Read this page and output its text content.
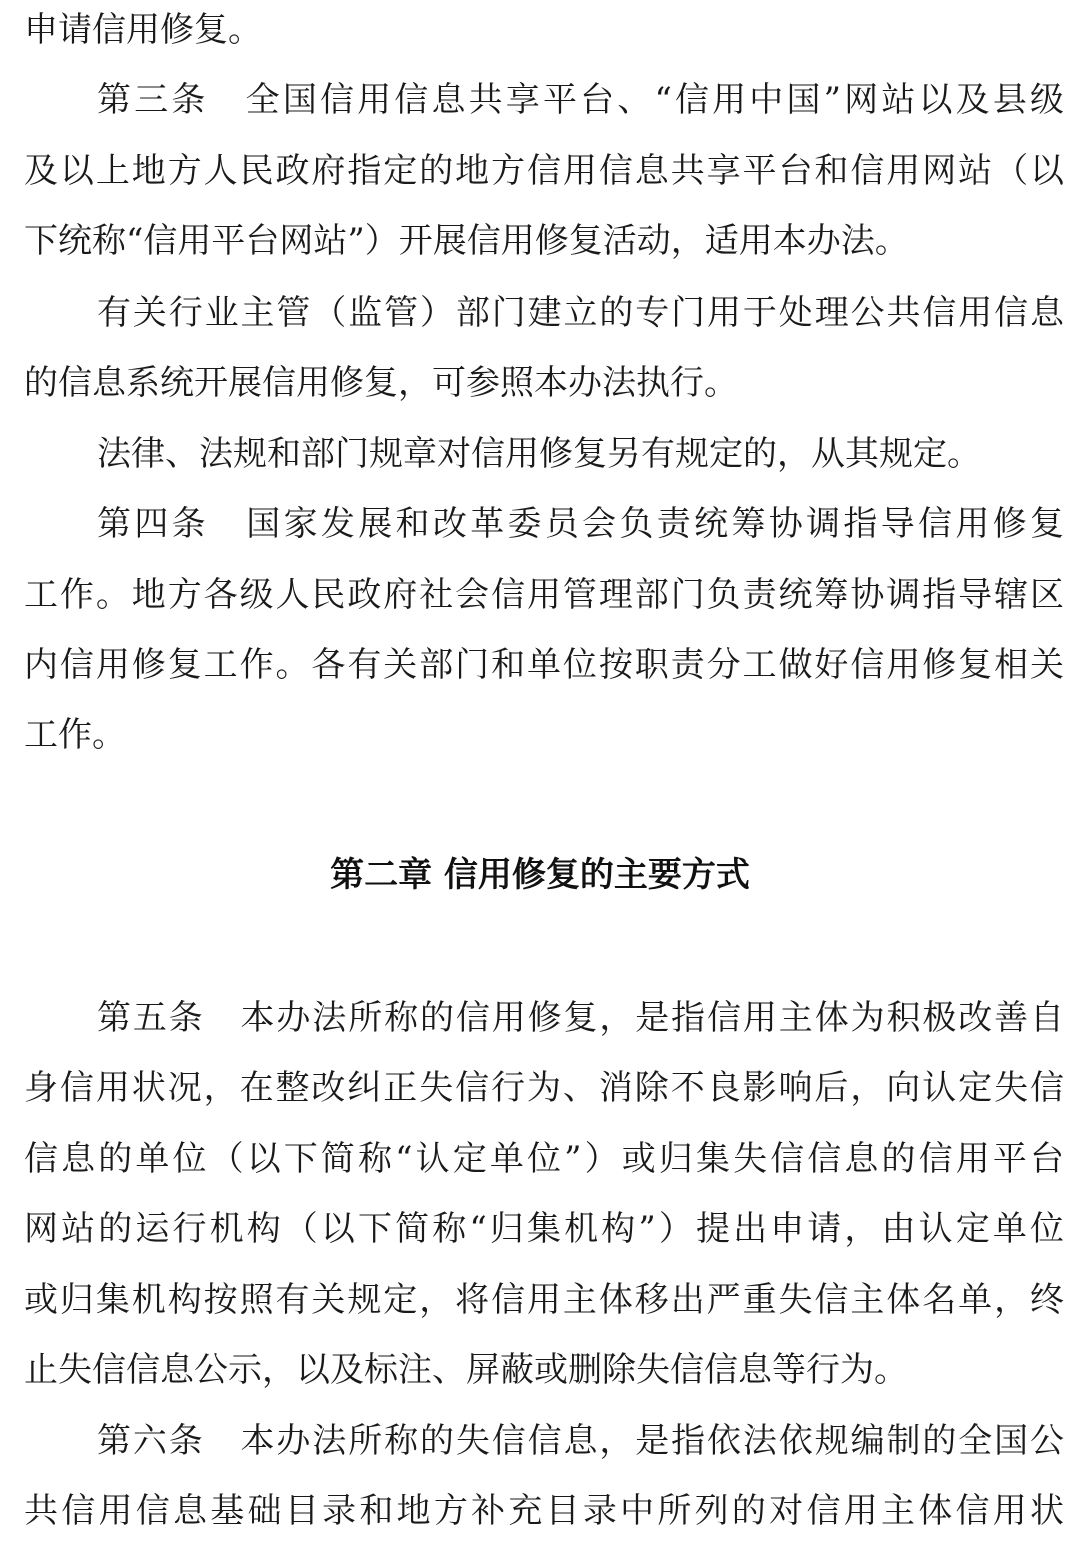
申请信用修复。
第三条　全国信用信息共享平台、“信用中国”网站以及县级
及以上地方人民政府指定的地方信用信息共享平台和信用网站（以
下统称“信用平台网站”）开展信用修复活动，适用本办法。
有关行业主管（监管）部门建立的专门用于处理公共信用信息
的信息系统开展信用修复，可参照本办法执行。
法律、法规和部门规章对信用修复另有规定的，从其规定。
第四条　国家发展和改革委员会负责统筹协调指导信用修复
工作。地方各级人民政府社会信用管理部门负责统筹协调指导辖区
内信用修复工作。各有关部门和单位按职责分工做好信用修复相关
工作。
第二章 信用修复的主要方式
第五条　本办法所称的信用修复，是指信用主体为积极改善自
身信用状况，在整改纠正失信行为、消除不良影响后，向认定失信
信息的单位（以下简称“认定单位”）或归集失信信息的信用平台
网站的运行机构（以下简称“归集机构”）提出申请，由认定单位
或归集机构按照有关规定，将信用主体移出严重失信主体名单，终
止失信信息公示，以及标注、屏蔽或删除失信信息等行为。
第六条　本办法所称的失信信息，是指依法依规编制的全国公
共信用信息基础目录和地方补充目录中所列的对信用主体信用状
